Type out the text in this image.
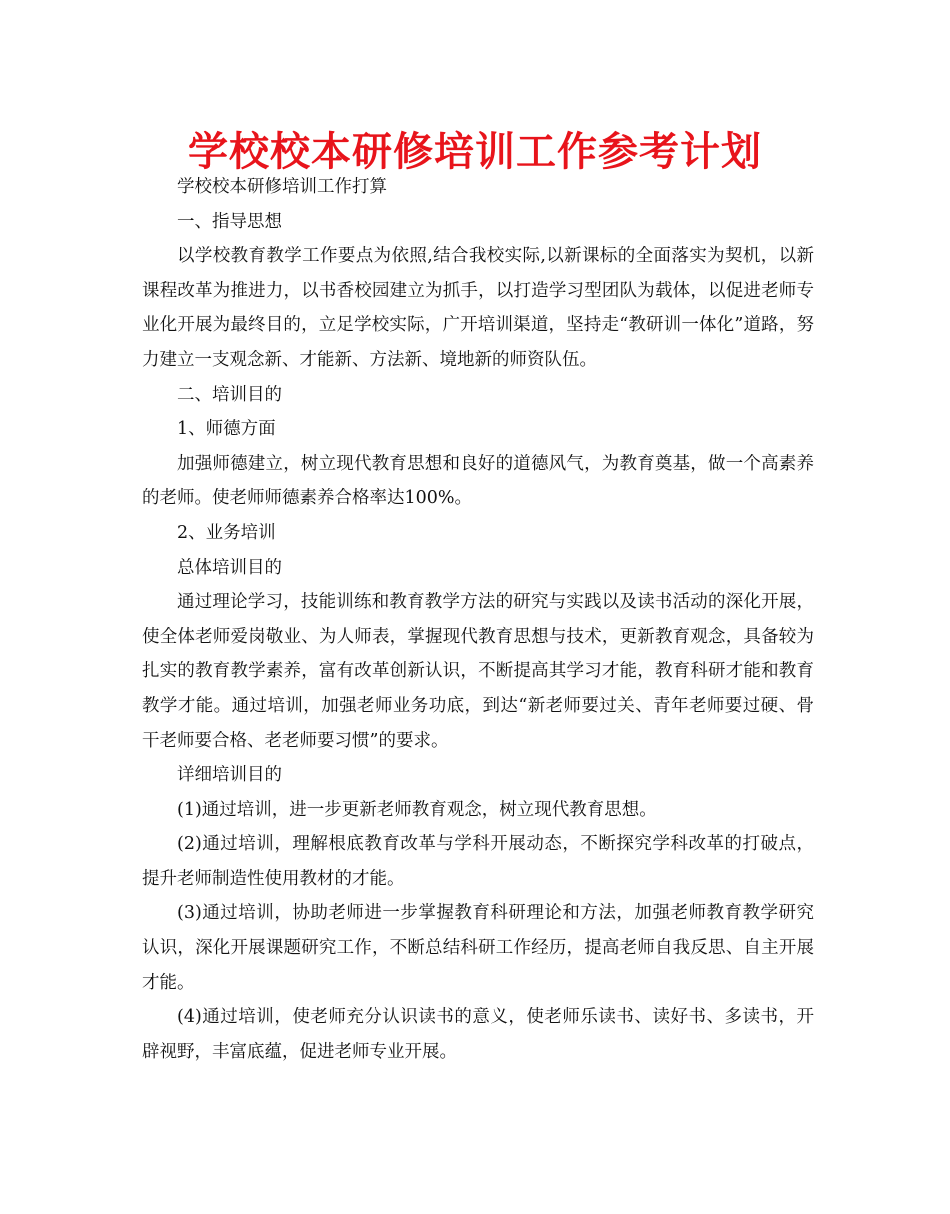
学校校本研修培训工作参考计划

学校校本研修培训工作打算

一、指导思想

以学校教育教学工作要点为依照,结合我校实际,以新课标的全面落实为契机，以新课程改革为推进力，以书香校园建立为抓手，以打造学习型团队为载体，以促进老师专业化开展为最终目的，立足学校实际，广开培训渠道，坚持走“教研训一体化”道路，努力建立一支观念新、才能新、方法新、境地新的师资队伍。

二、培训目的

1、师德方面

加强师德建立，树立现代教育思想和良好的道德风气，为教育奠基，做一个高素养的老师。使老师师德素养合格率达100%。

2、业务培训

总体培训目的

通过理论学习，技能训练和教育教学方法的研究与实践以及读书活动的深化开展，使全体老师爱岗敬业、为人师表，掌握现代教育思想与技术，更新教育观念，具备较为扎实的教育教学素养，富有改革创新认识，不断提高其学习才能，教育科研才能和教育教学才能。通过培训，加强老师业务功底，到达“新老师要过关、青年老师要过硬、骨干老师要合格、老老师要习惯”的要求。

详细培训目的

(1)通过培训，进一步更新老师教育观念，树立现代教育思想。

(2)通过培训，理解根底教育改革与学科开展动态，不断探究学科改革的打破点，提升老师制造性使用教材的才能。

(3)通过培训，协助老师进一步掌握教育科研理论和方法，加强老师教育教学研究认识，深化开展课题研究工作，不断总结科研工作经历，提高老师自我反思、自主开展才能。

(4)通过培训，使老师充分认识读书的意义，使老师乐读书、读好书、多读书，开辟视野，丰富底蕴，促进老师专业开展。
